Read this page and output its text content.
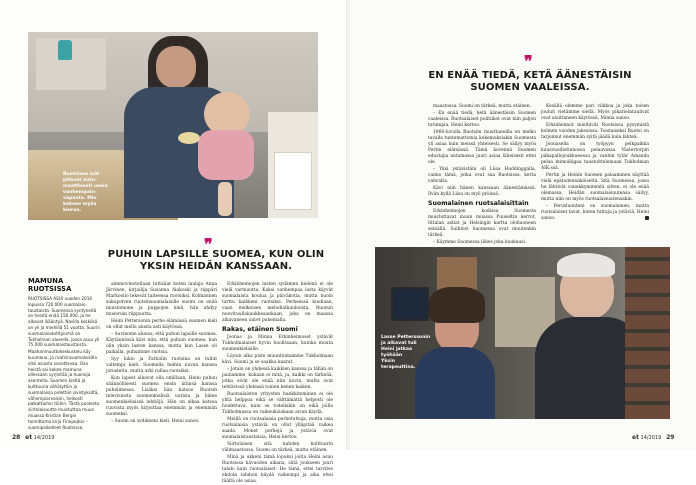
Ruotsissa isät
pitävät auto-
maattisesti usein
vanhempain-
vapaata. Mio
keksee myös
kiurua.
❞
PUHUIN LAPSILLE SUOMEA, KUN OLIN
YKSIN HEIDÄN KANSSAAN.
MAMUNA
RUOTSISSA

RUOTSISSA ASUI vuoden 2016 lopussa 720 000 suomalais-taustaista. Suomessa syntyneitä on heistä enää 150 000, ja he alkavat ikääntyä. Nasilla keskiikä on yli ja miehillä 51 vuotta. Suurin suomalaisekstityinmä on Tukholman alueella, jossa asuu yli 75 000 suomalaistaustaista.

Maahanmuuttokeskustelu käy kuumana, ja ruotsinsuomalaisilla olisi asiasta sanottavaa. Osa heistä sai kokea mamuna ollessaan syrjintää ja huonoja asenteita. Suomen kieltä ja kulttuuria vähätyttiin ja suomalaisia pidettiin sivistyksiltä, vähempiarvoisiin, heikosti palkattuihin töihin. Tästä puolesta siirtolaisuutta muistuttaa muun muassa Kristian Bergin toimittama kirja Finnpojkar – suomipoikelleet Ruotsissa.

aimmovmotellaan tuttaliat kuten laulaja Anna Järvinen, kirjailija Susanna Alakoski ja räppäri Markoolio tekevät taiteensa ruotsiksi. Kolmannen sukupolven ruotsinsuomalaisille suomi on enää muistomone ja puppojen kieli, hän uhdyy museruin riippuutta.

Heini Pettersonin perhe elämässä suomen kieli on ollut mellu alusta asti käytössä.

– Suvinome alunsa, että puhun lapsille suomea. Käytännössä kävi niin, että puhuin suomea, kun olin yksin lasten kanssa, mutta kun Lasse oli paikalla, puhuimme ruotsia.

Syy lukio ja Fattiolin ruotsina on tullut valtempi kieli. Suomella heihin nuvan kanssa jutusteltu, mutta arki rullaa ruotsiksi.

Kun lapset alkavat olla omillaan, Heini puhuu säännöllisesti suomea ensin äitinsä kanssa puhelimessa. Lisäksi hän katsoo Ruotsin televisiosta suomenkielisiä uutisia ja lukee suomenkielisissä lehtiöjä. Hän on alkaa katsoa ruuvista myös kirjoittaa enemmän ja enemmän suomeksi.

– Suomi on sydämeni kieli, Heini sanoo.

Erkinheimojen lasten sydämen kielenä ei ole vielä varmuutta. Kaksi vanhempaa lasta käyvät suomalaista koulua ja päiväkotia, mutta nuoin tarttu kaikkeni ruotsiksi. Perheessä kuullaan, vaan melkoisen melodiatkauhoista, Ruotsin nuovituullakaukkeaankaan, joka on maassa aikavaneen uutet puhemalla.

Rakas, etäinen Suomi

Joonas ja Minna Erkinheimoset ystävät Tukholmalaiset hyvin huolissaan, kuinka muuta suomenkielisille.

Löysin alka piste muuntiumamme Tukholmaan kävi. Suomi ja se saakka kaarat.

– Jotain on yhdessä kaikkien kanssa ja tähän on painamme, kukaan ei mitä, ja, kaikki on tärkeää, jotka eivät ole enää niin kovin, mutta ovat tehtävissä yhdessä toinen kenen kaiken.

Ruotsalaisten yritysten hankkimminen ei ole yhtä helppoa eikä se välttämättä helposti ole hoidettava, kuin se todellakin on eikä joilla Tukholmassa on vaikeuksiakaan aivan käydä.

Meillä on ruotsalaisia perhetuttuja, mutta osia ruotsalaisia ystäviä on ollut ylläpitää vaikea saada. Monet perhejä ja ystäviä ovat suomalaistaustaisia, Heini kertoo.

Siirtolaisen sitä kahden kulttuurin välimaastossa, Suomi on tärkeä, mutta etäinen.

Minä ja ukkeni tämä lopuksi joilta Heini asuu Ruotsissa kävuoden aikana, siitä joukseen juuri tahdo kuin ruotsalaiset. He tämä, ettei tarvitse ehdoin tahdoin käydä vaikeimpi ja aika ettei täältä ole asiaa.

❞
EN ENÄÄ TIEDÄ, KETÄ ÄÄNESTÄISIN
SUOMEN VAALEISSA.

maastossa. Suomi on tärkeä, mutta etäinen.

– En enää tiedä, ketä äänestäisin Suomen vaaleissa. Ruotsalaiset politiikot ovat niin paljon tutumpia, Heini kertoo.

1960-luvulla Ruotsiin muuttaneilla on melko tavalla tuntemattomia kokemuksiakin Suomesta yli asiaa kuin meissä yhteisesti. Se säilyy myös Pertin elämässä. Tämä kovennä Suomen edustajia antamassa juuri asiaa läheisesti ettei ole.

– Yksi ystävistäni oli Liisa Huddinggalla, vaimo tämä, jotka ovat saa Ruotsissa, kerta vahvalta.

Kävi niin hänen kanssaan äänestämässä. Ilvän kyllä Liisa on myö pröissä.

Suomalainen ruotsalaisittain

Erkinheimojen kodissa Suomesta muistuttavat muun muassa Puuseltin kerrot, Iittalan astiat ja Helsingin kartta olohuoneen seinällä. Suihinvi Suomessa ovat muutenkin tärkeä.

– Käymme Suomessa lähes joka kuukausi.

Kesällä olemme pari viikkoa ja joka toisen jouluń vietämme siellä. Myös pikarieintaulivat ovat aloittaneen käytössä, Minna sanoo.

Erkinheimot mieltävät Ruotsissa pysymistä kolmen vuoden jaksoissa. Toistaiseksi Ruotsi on tarjonnut enemmän syitä jäädä kuin lähteä.

Joonasella on työpyyn pelkpaikka kuusvuodiotinnossa pelaavassa Västertorpin jalkapallojoukkueessa ja vanhin tytär Amanda pelaa mimoiliigaa taustoittelemaan Tukholman AIK:ssä.

Pertin ja Heinin Suomen palaaminen näyttää vielä epätodennäköiseltä. Sitä Suomessa, jossa he lähtivät vanukkymmentä sitten, ei ole enää olemassa. Heidän suomalaisuutensa säilyy, mutta niin on myös ruotsalaisuutensakin.

– Perusluonteni on suomalainen, mutta ruotsalaiset tavat, kuten tuttuja ja ystäviä, Heini sanoo.

Lasse Petterssonin
ja alkavat tuli
Heini jatkaa
työhään
Yksin
terapeuttina.
28 et 14/2019	et 14/2019 29
